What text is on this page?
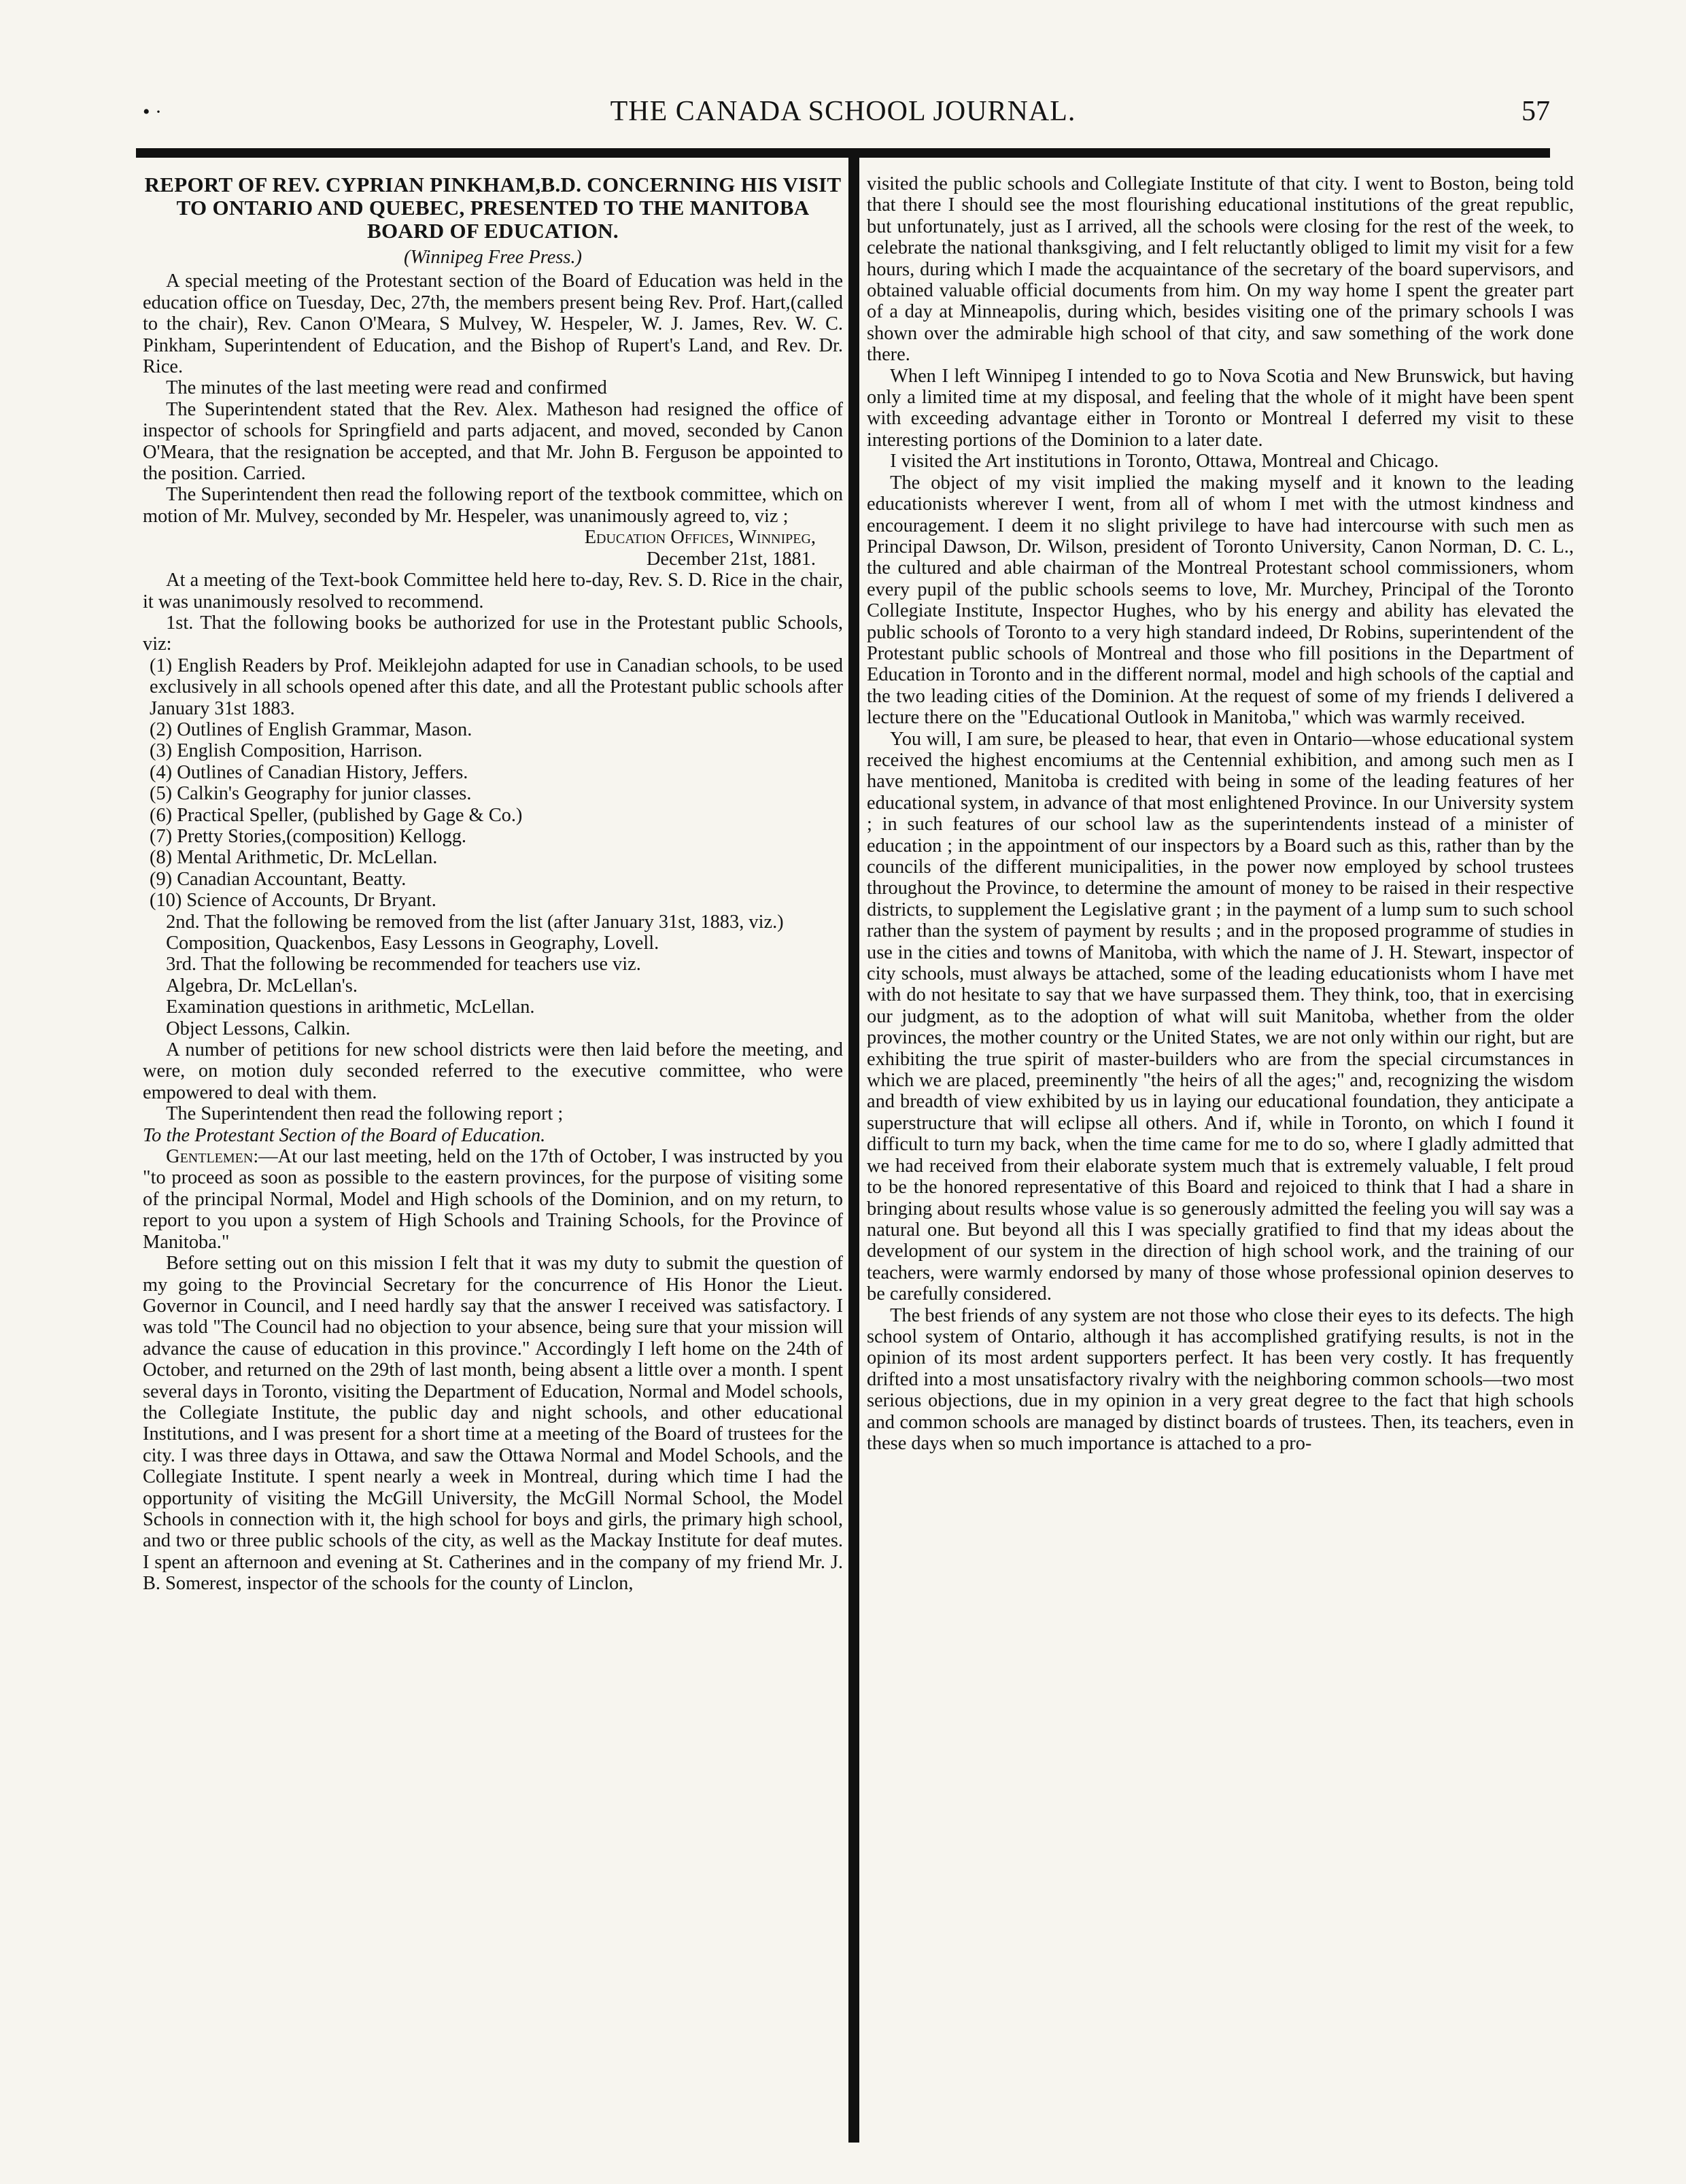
• ·	THE CANADA SCHOOL JOURNAL.	57
REPORT OF REV. CYPRIAN PINKHAM,B.D. CONCERNING HIS VISIT TO ONTARIO AND QUEBEC, PRESENTED TO THE MANITOBA BOARD OF EDUCATION.
(Winnipeg Free Press.)

A special meeting of the Protestant section of the Board of Education was held in the education office on Tuesday, Dec, 27th, the members present being Rev. Prof. Hart,(called to the chair), Rev. Canon O'Meara, S Mulvey, W. Hespeler, W. J. James, Rev. W. C. Pinkham, Superintendent of Education, and the Bishop of Rupert's Land, and Rev. Dr. Rice.

The minutes of the last meeting were read and confirmed

The Superintendent stated that the Rev. Alex. Matheson had resigned the office of inspector of schools for Springfield and parts adjacent, and moved, seconded by Canon O'Meara, that the resignation be accepted, and that Mr. John B. Ferguson be appointed to the position. Carried.

The Superintendent then read the following report of the textbook committee, which on motion of Mr. Mulvey, seconded by Mr. Hespeler, was unanimously agreed to, viz ;

Education Offices, Winnipeg,
December 21st, 1881.

At a meeting of the Text-book Committee held here to-day, Rev. S. D. Rice in the chair, it was unanimously resolved to recommend.

1st. That the following books be authorized for use in the Protestant public Schools, viz:

(1) English Readers by Prof. Meiklejohn adapted for use in Canadian schools, to be used exclusively in all schools opened after this date, and all the Protestant public schools after January 31st 1883.
(2) Outlines of English Grammar, Mason.
(3) English Composition, Harrison.
(4) Outlines of Canadian History, Jeffers.
(5) Calkin's Geography for junior classes.
(6) Practical Speller, (published by Gage & Co.)
(7) Pretty Stories,(composition) Kellogg.
(8) Mental Arithmetic, Dr. McLellan.
(9) Canadian Accountant, Beatty.
(10) Science of Accounts, Dr Bryant.

2nd. That the following be removed from the list (after January 31st, 1883, viz.)

Composition, Quackenbos, Easy Lessons in Geography, Lovell.

3rd. That the following be recommended for teachers use viz.

Algebra, Dr. McLellan's.

Examination questions in arithmetic, McLellan.

Object Lessons, Calkin.

A number of petitions for new school districts were then laid before the meeting, and were, on motion duly seconded referred to the executive committee, who were empowered to deal with them.

The Superintendent then read the following report ;

To the Protestant Section of the Board of Education.

Gentlemen:—At our last meeting, held on the 17th of October, I was instructed by you "to proceed as soon as possible to the eastern provinces, for the purpose of visiting some of the principal Normal, Model and High schools of the Dominion, and on my return, to report to you upon a system of High Schools and Training Schools, for the Province of Manitoba."

Before setting out on this mission I felt that it was my duty to submit the question of my going to the Provincial Secretary for the concurrence of His Honor the Lieut. Governor in Council, and I need hardly say that the answer I received was satisfactory. I was told "The Council had no objection to your absence, being sure that your mission will advance the cause of education in this province." Accordingly I left home on the 24th of October, and returned on the 29th of last month, being absent a little over a month. I spent several days in Toronto, visiting the Department of Education, Normal and Model schools, the Collegiate Institute, the public day and night schools, and other educational Institutions, and I was present for a short time at a meeting of the Board of trustees for the city. I was three days in Ottawa, and saw the Ottawa Normal and Model Schools, and the Collegiate Institute. I spent nearly a week in Montreal, during which time I had the opportunity of visiting the McGill University, the McGill Normal School, the Model Schools in connection with it, the high school for boys and girls, the primary high school, and two or three public schools of the city, as well as the Mackay Institute for deaf mutes. I spent an afternoon and evening at St. Catherines and in the company of my friend Mr. J. B. Somerest, inspector of the schools for the county of Linclon,

visited the public schools and Collegiate Institute of that city. I went to Boston, being told that there I should see the most flourishing educational institutions of the great republic, but unfortunately, just as I arrived, all the schools were closing for the rest of the week, to celebrate the national thanksgiving, and I felt reluctantly obliged to limit my visit for a few hours, during which I made the acquaintance of the secretary of the board supervisors, and obtained valuable official documents from him. On my way home I spent the greater part of a day at Minneapolis, during which, besides visiting one of the primary schools I was shown over the admirable high school of that city, and saw something of the work done there.

When I left Winnipeg I intended to go to Nova Scotia and New Brunswick, but having only a limited time at my disposal, and feeling that the whole of it might have been spent with exceeding advantage either in Toronto or Montreal I deferred my visit to these interesting portions of the Dominion to a later date.

I visited the Art institutions in Toronto, Ottawa, Montreal and Chicago.

The object of my visit implied the making myself and it known to the leading educationists wherever I went, from all of whom I met with the utmost kindness and encouragement. I deem it no slight privilege to have had intercourse with such men as Principal Dawson, Dr. Wilson, president of Toronto University, Canon Norman, D. C. L., the cultured and able chairman of the Montreal Protestant school commissioners, whom every pupil of the public schools seems to love, Mr. Murchey, Principal of the Toronto Collegiate Institute, Inspector Hughes, who by his energy and ability has elevated the public schools of Toronto to a very high standard indeed, Dr Robins, superintendent of the Protestant public schools of Montreal and those who fill positions in the Department of Education in Toronto and in the different normal, model and high schools of the captial and the two leading cities of the Dominion. At the request of some of my friends I delivered a lecture there on the "Educational Outlook in Manitoba," which was warmly received.

You will, I am sure, be pleased to hear, that even in Ontario—whose educational system received the highest encomiums at the Centennial exhibition, and among such men as I have mentioned, Manitoba is credited with being in some of the leading features of her educational system, in advance of that most enlightened Province. In our University system ; in such features of our school law as the superintendents instead of a minister of education ; in the appointment of our inspectors by a Board such as this, rather than by the councils of the different municipalities, in the power now employed by school trustees throughout the Province, to determine the amount of money to be raised in their respective districts, to supplement the Legislative grant ; in the payment of a lump sum to such school rather than the system of payment by results ; and in the proposed programme of studies in use in the cities and towns of Manitoba, with which the name of J. H. Stewart, inspector of city schools, must always be attached, some of the leading educationists whom I have met with do not hesitate to say that we have surpassed them. They think, too, that in exercising our judgment, as to the adoption of what will suit Manitoba, whether from the older provinces, the mother country or the United States, we are not only within our right, but are exhibiting the true spirit of master-builders who are from the special circumstances in which we are placed, preeminently "the heirs of all the ages;" and, recognizing the wisdom and breadth of view exhibited by us in laying our educational foundation, they anticipate a superstructure that will eclipse all others. And if, while in Toronto, on which I found it difficult to turn my back, when the time came for me to do so, where I gladly admitted that we had received from their elaborate system much that is extremely valuable, I felt proud to be the honored representative of this Board and rejoiced to think that I had a share in bringing about results whose value is so generously admitted the feeling you will say was a natural one. But beyond all this I was specially gratified to find that my ideas about the development of our system in the direction of high school work, and the training of our teachers, were warmly endorsed by many of those whose professional opinion deserves to be carefully considered.

The best friends of any system are not those who close their eyes to its defects. The high school system of Ontario, although it has accomplished gratifying results, is not in the opinion of its most ardent supporters perfect. It has been very costly. It has frequently drifted into a most unsatisfactory rivalry with the neighboring common schools—two most serious objections, due in my opinion in a very great degree to the fact that high schools and common schools are managed by distinct boards of trustees. Then, its teachers, even in these days when so much importance is attached to a pro-
